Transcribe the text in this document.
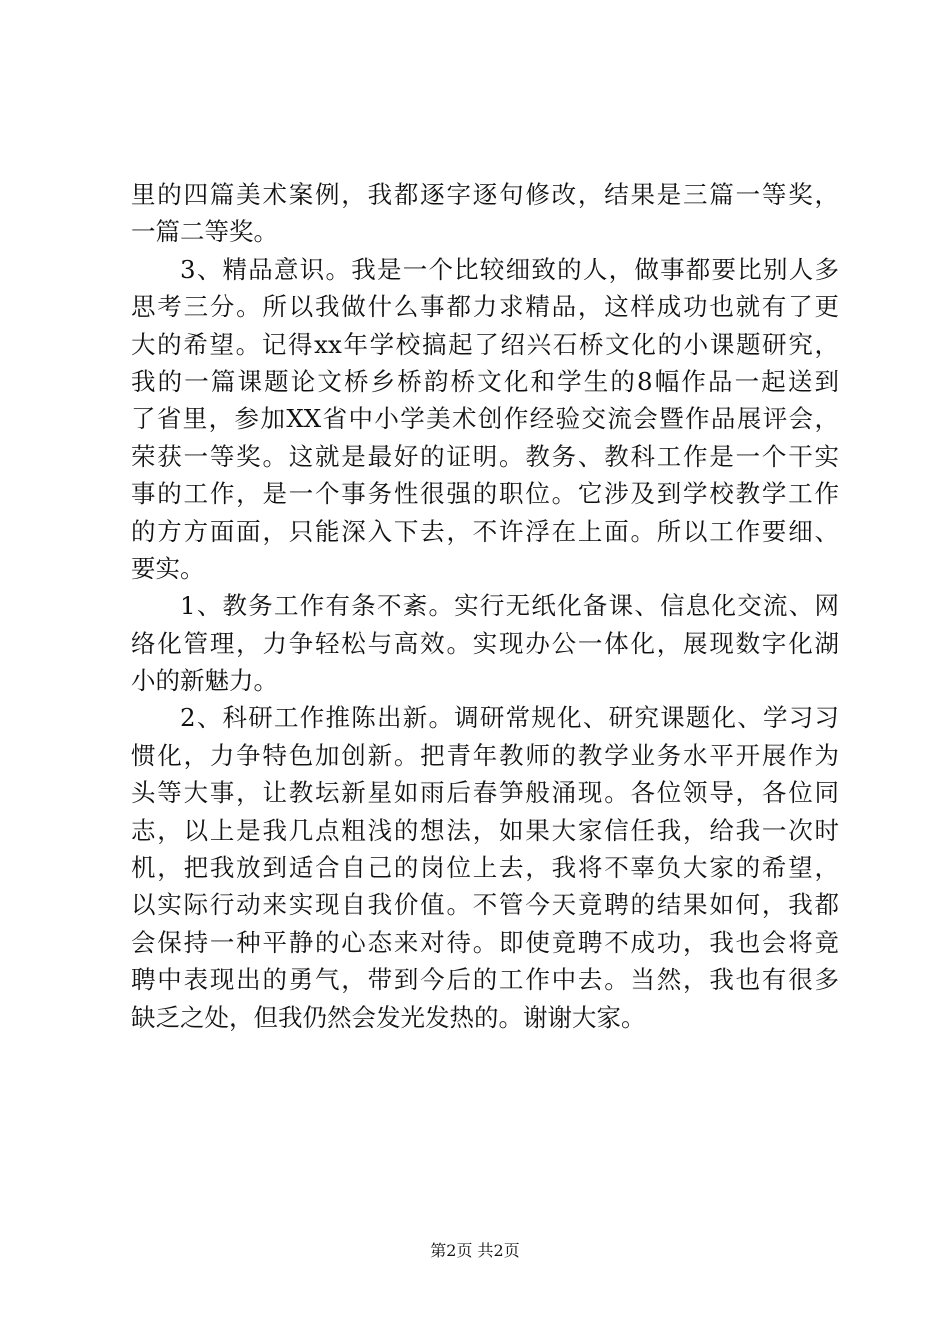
里的四篇美术案例，我都逐字逐句修改，结果是三篇一等奖，
一篇二等奖。
3、精品意识。我是一个比较细致的人，做事都要比别人多
思考三分。所以我做什么事都力求精品，这样成功也就有了更
大的希望。记得xx年学校搞起了绍兴石桥文化的小课题研究，
我的一篇课题论文桥乡桥韵桥文化和学生的8幅作品一起送到
了省里，参加XX省中小学美术创作经验交流会暨作品展评会，
荣获一等奖。这就是最好的证明。教务、教科工作是一个干实
事的工作，是一个事务性很强的职位。它涉及到学校教学工作
的方方面面，只能深入下去，不许浮在上面。所以工作要细、
要实。
1、教务工作有条不紊。实行无纸化备课、信息化交流、网
络化管理，力争轻松与高效。实现办公一体化，展现数字化湖
小的新魅力。
2、科研工作推陈出新。调研常规化、研究课题化、学习习
惯化，力争特色加创新。把青年教师的教学业务水平开展作为
头等大事，让教坛新星如雨后春笋般涌现。各位领导，各位同
志，以上是我几点粗浅的想法，如果大家信任我，给我一次时
机，把我放到适合自己的岗位上去，我将不辜负大家的希望，
以实际行动来实现自我价值。不管今天竟聘的结果如何，我都
会保持一种平静的心态来对待。即使竟聘不成功，我也会将竟
聘中表现出的勇气，带到今后的工作中去。当然，我也有很多
缺乏之处，但我仍然会发光发热的。谢谢大家。
第2页 共2页
